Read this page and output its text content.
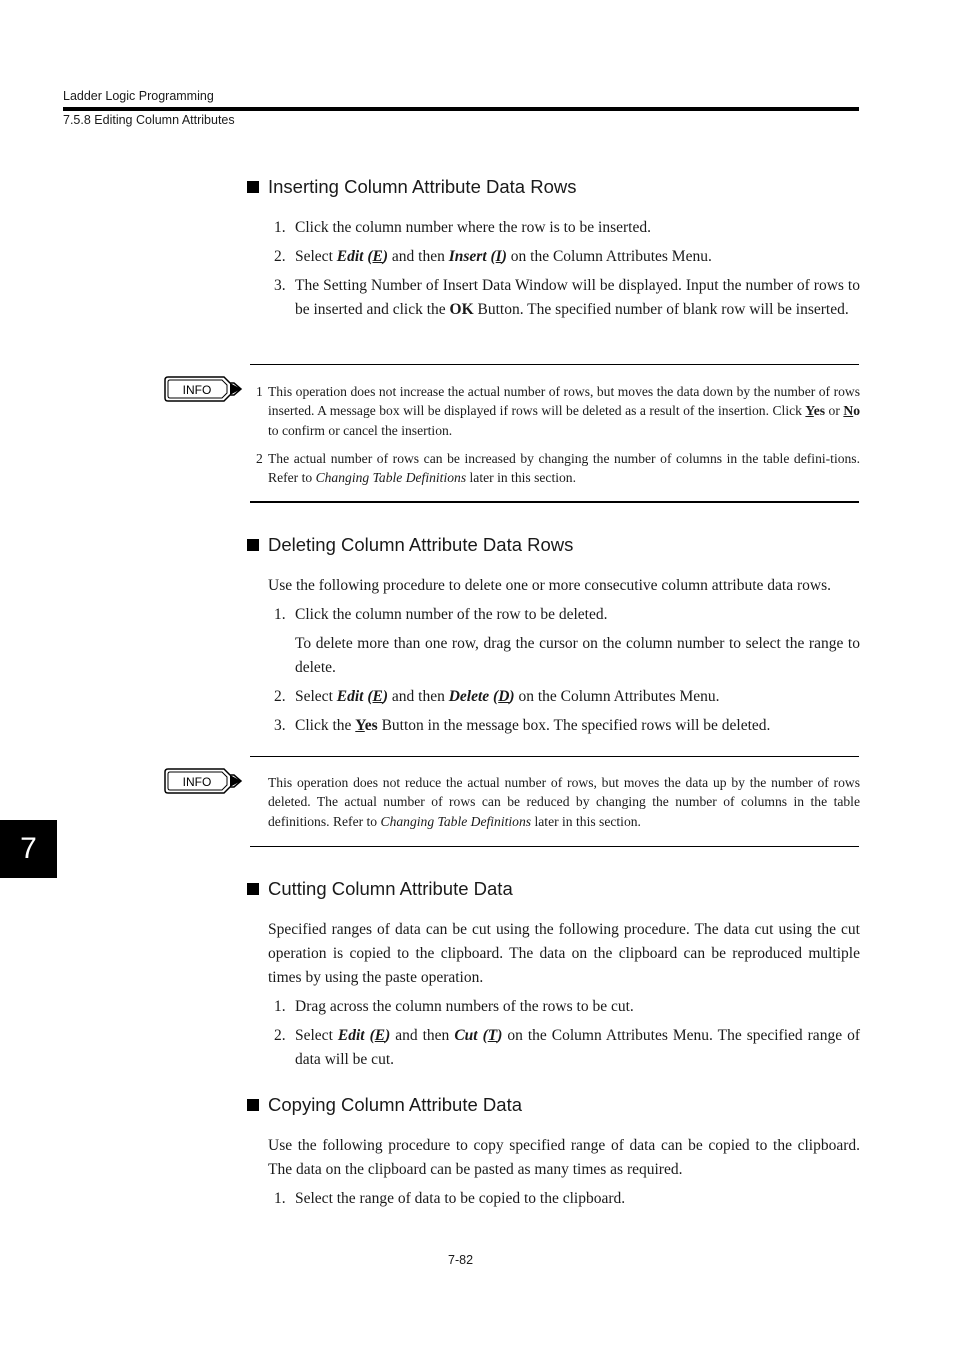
Ladder Logic Programming
7.5.8 Editing Column Attributes
Inserting Column Attribute Data Rows
1. Click the column number where the row is to be inserted.
2. Select Edit (E) and then Insert (I) on the Column Attributes Menu.
3. The Setting Number of Insert Data Window will be displayed. Input the number of rows to be inserted and click the OK Button. The specified number of blank row will be inserted.
INFO	1 This operation does not increase the actual number of rows, but moves the data down by the number of rows inserted. A message box will be displayed if rows will be deleted as a result of the insertion. Click Yes or No to confirm or cancel the insertion.
2 The actual number of rows can be increased by changing the number of columns in the table defini-tions. Refer to Changing Table Definitions later in this section.
Deleting Column Attribute Data Rows
Use the following procedure to delete one or more consecutive column attribute data rows.
1. Click the column number of the row to be deleted.
To delete more than one row, drag the cursor on the column number to select the range to delete.
2. Select Edit (E) and then Delete (D) on the Column Attributes Menu.
3. Click the Yes Button in the message box. The specified rows will be deleted.
INFO	This operation does not reduce the actual number of rows, but moves the data up by the number of rows deleted. The actual number of rows can be reduced by changing the number of columns in the table definitions. Refer to Changing Table Definitions later in this section.
7
Cutting Column Attribute Data
Specified ranges of data can be cut using the following procedure. The data cut using the cut operation is copied to the clipboard. The data on the clipboard can be reproduced multiple times by using the paste operation.
1. Drag across the column numbers of the rows to be cut.
2. Select Edit (E) and then Cut (T) on the Column Attributes Menu. The specified range of data will be cut.
Copying Column Attribute Data
Use the following procedure to copy specified range of data can be copied to the clipboard. The data on the clipboard can be pasted as many times as required.
1. Select the range of data to be copied to the clipboard.
7-82
